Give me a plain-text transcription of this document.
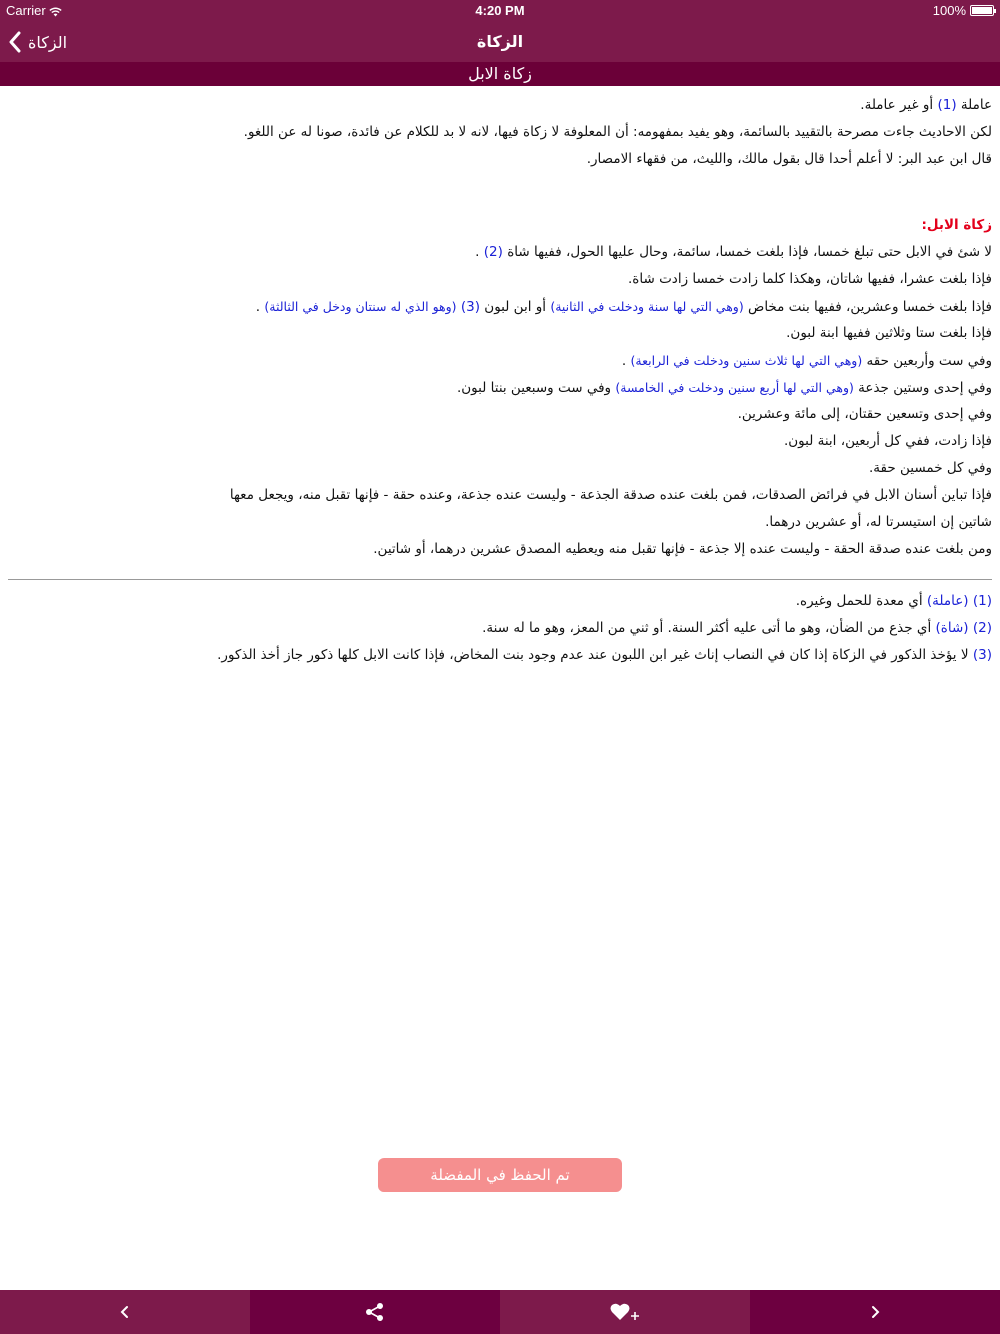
Carrier	4:20 PM	100%
الزكاة	الزكاة
زكاة الابل

عاملة (1) أو غير عاملة.

لكن الاحاديث جاءت مصرحة بالتقييد بالسائمة، وهو يفيد بمفهومه: أن المعلوفة لا زكاة فيها، لانه لا بد للكلام عن فائدة، صونا له عن اللغو.

قال ابن عبد البر: لا أعلم أحدا قال بقول مالك، والليث، من فقهاء الامصار.

زكاة الابل:

لا شئ في الابل حتى تبلغ خمسا، فإذا بلغت خمسا، سائمة، وحال عليها الحول، ففيها شاة (2) .

فإذا بلغت عشرا، ففيها شاتان، وهكذا كلما زادت خمسا زادت شاة.

فإذا بلغت خمسا وعشرين، ففيها بنت مخاض (وهي التي لها سنة ودخلت في الثانية) أو ابن لبون (3) (وهو الذي له سنتان ودخل في الثالثة) .

فإذا بلغت ستا وثلاثين ففيها ابنة لبون.

وفي ست وأربعين حقه (وهي التي لها ثلاث سنين ودخلت في الرابعة) .

وفي إحدى وستين جذعة (وهي التي لها أربع سنين ودخلت في الخامسة) وفي ست وسبعين بنتا لبون.

وفي إحدى وتسعين حقتان، إلى مائة وعشرين.

فإذا زادت، ففي كل أربعين، ابنة لبون.

وفي كل خمسين حقة.

فإذا تباين أسنان الابل في فرائض الصدقات، فمن بلغت عنده صدقة الجذعة - وليست عنده جذعة، وعنده حقة - فإنها تقبل منه، ويجعل معها

شاتين إن استيسرتا له، أو عشرين درهما.

ومن بلغت عنده صدقة الحقة - وليست عنده إلا جذعة - فإنها تقبل منه ويعطيه المصدق عشرين درهما، أو شاتين.

(1) (عاملة) أي معدة للحمل وغيره.

(2) (شاة) أي جذع من الضأن، وهو ما أتى عليه أكثر السنة. أو ثني من المعز، وهو ما له سنة.

(3) لا يؤخذ الذكور في الزكاة إذا كان في النصاب إناث غير ابن اللبون عند عدم وجود بنت المخاض، فإذا كانت الابل كلها ذكور جاز أخذ الذكور.

تم الحفظ في المفضلة
